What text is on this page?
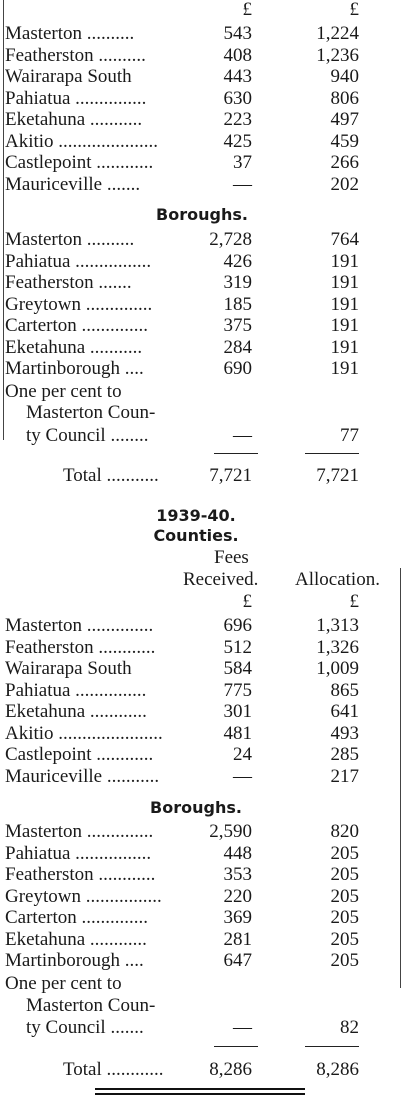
£	£
Masterton ..........	543	1,224
Featherston ..........	408	1,236
Wairarapa South	443	940
Pahiatua ...............	630	806
Eketahuna ...........	223	497
Akitio .....................	425	459
Castlepoint ............	37	266
Mauriceville .......	—	202
Boroughs.
Masterton ..........	2,728	764
Pahiatua ................	426	191
Featherston .......	319	191
Greytown ..............	185	191
Carterton ..............	375	191
Eketahuna ...........	284	191
Martinborough ....	690	191
One per cent to
Masterton Coun-
ty Council ........	—	77
Total ...........	7,721	7,721
1939-40.
Counties.
Fees
Received. Allocation.
£	£
Masterton ..............	696	1,313
Featherston ............	512	1,326
Wairarapa South	584	1,009
Pahiatua ...............	775	865
Eketahuna ............	301	641
Akitio ......................	481	493
Castlepoint ............	24	285
Mauriceville ...........	—	217
Boroughs.
Masterton ..............	2,590	820
Pahiatua ................	448	205
Featherston ............	353	205
Greytown ................	220	205
Carterton ..............	369	205
Eketahuna ............	281	205
Martinborough ....	647	205
One per cent to
Masterton Coun-
ty Council .......	—	82
Total ............ 8,286	8,286
